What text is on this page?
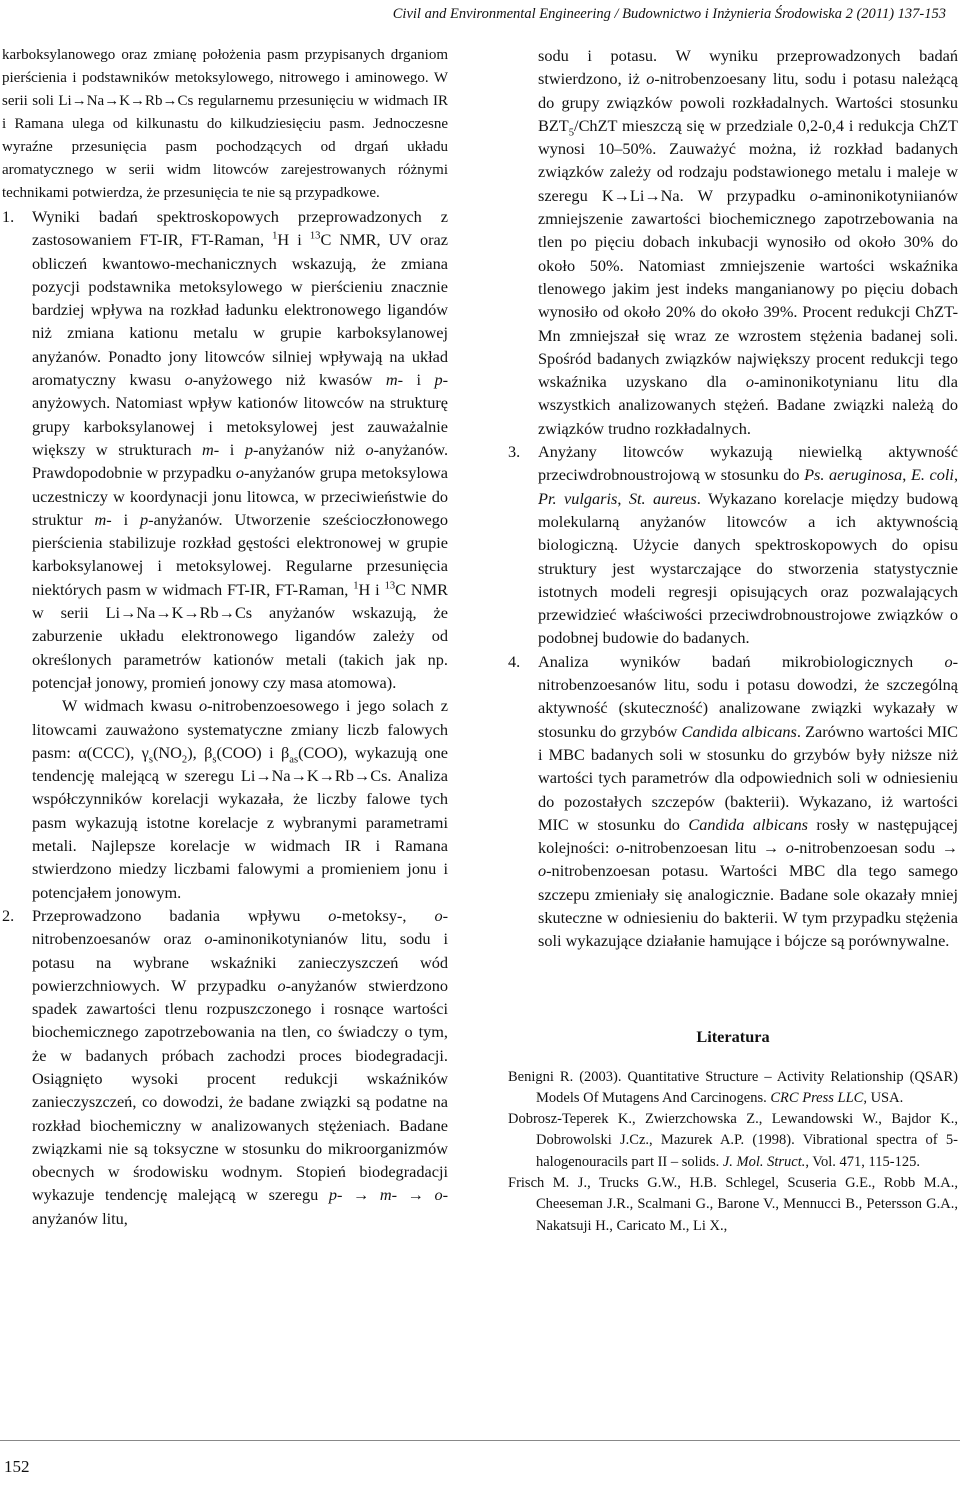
Civil and Environmental Engineering / Budownictwo i Inżynieria Środowiska 2 (2011) 137-153

karboksylanowego oraz zmianę położenia pasm przypisanych drganiom pierścienia i podstawników metoksylowego, nitrowego i aminowego. W serii soli Li→Na→K→Rb→Cs regularnemu przesunięciu w widmach IR i Ramana ulega od kilkunastu do kilkudziesięciu pasm. Jednoczesne wyraźne przesunięcia pasm pochodzących od drgań układu aromatycznego w serii widm litowców zarejestrowanych różnymi technikami potwierdza, że przesunięcia te nie są przypadkowe.

1. Wyniki badań spektroskopowych przeprowadzonych z zastosowaniem FT-IR, FT-Raman, $^1$H i $^{13}$C NMR, UV oraz obliczeń kwantowo-mechanicznych wskazują, że zmiana pozycji podstawnika metoksylowego w pierścieniu znacznie bardziej wpływa na rozkład ładunku elektronowego ligandów niż zmiana kationu metalu w grupie karboksylanowej anyżanów. Ponadto jony litowców silniej wpływają na układ aromatyczny kwasu o-anyżowego niż kwasów m- i p-anyżowych. Natomiast wpływ kationów litowców na strukturę grupy karboksylanowej i metoksylowej jest zauważalnie większy w strukturach m- i p-anyżanów niż o-anyżanów. Prawdopodobnie w przypadku o-anyżanów grupa metoksylowa uczestniczy w koordynacji jonu litowca, w przeciwieństwie do struktur m- i p-anyżanów. Utworzenie sześcioczłonowego pierścienia stabilizuje rozkład gęstości elektronowej w grupie karboksylanowej i metoksylowej. Regularne przesunięcia niektórych pasm w widmach FT-IR, FT-Raman, $^1$H i $^{13}$C NMR w serii Li→Na→K→Rb→Cs anyżanów wskazują, że zaburzenie układu elektronowego ligandów zależy od określonych parametrów kationów metali (takich jak np. potencjał jonowy, promień jonowy czy masa atomowa).

W widmach kwasu o-nitrobenzoesowego i jego solach z litowcami zauważono systematyczne zmiany liczb falowych pasm: α(CCC), $\gamma_s(NO_2)$, $\beta_s(COO)$ i $\beta_{as}(COO)$, wykazują one tendencję malejącą w szeregu Li→Na→K→Rb→Cs. Analiza współczynników korelacji wykazała, że liczby falowe tych pasm wykazują istotne korelacje z wybranymi parametrami metali. Najlepsze korelacje w widmach IR i Ramana stwierdzono miedzy liczbami falowymi a promieniem jonu i potencjałem jonowym.

2. Przeprowadzono badania wpływu o-metoksy-, o-nitrobenzoesanów oraz o-aminonikotynianów litu, sodu i potasu na wybrane wskaźniki zanieczyszczeń wód powierzchniowych. W przypadku o-anyżanów stwierdzono spadek zawartości tlenu rozpuszczonego i rosnące wartości biochemicznego zapotrzebowania na tlen, co świadczy o tym, że w badanych próbach zachodzi proces biodegradacji. Osiągnięto wysoki procent redukcji wskaźników zanieczyszczeń, co dowodzi, że badane związki są podatne na rozkład biochemiczny w analizowanych stężeniach. Badane związkami nie są toksyczne w stosunku do mikroorganizmów obecnych w środowisku wodnym. Stopień biodegradacji wykazuje tendencję malejącą w szeregu p- → m- → o- anyżanów litu,

sodu i potasu. W wyniku przeprowadzonych badań stwierdzono, iż o-nitrobenzoesany litu, sodu i potasu należącą do grupy związków powoli rozkładalnych. Wartości stosunku $BZT_5$/ChZT mieszczą się w przedziale 0,2-0,4 i redukcja ChZT wynosi 10–50%. Zauważyć można, iż rozkład badanych związków zależy od rodzaju podstawionego metalu i maleje w szeregu K→Li→Na. W przypadku o-aminonikotyniianów zmniejszenie zawartości biochemicznego zapotrzebowania na tlen po pięciu dobach inkubacji wynosiło od około 30% do około 50%. Natomiast zmniejszenie wartości wskaźnika tlenowego jakim jest indeks manganianowy po pięciu dobach wynosiło od około 20% do około 39%. Procent redukcji ChZT-Mn zmniejszał się wraz ze wzrostem stężenia badanej soli. Spośród badanych związków największy procent redukcji tego wskaźnika uzyskano dla o-aminonikotynianu litu dla wszystkich analizowanych stężeń. Badane związki należą do związków trudno rozkładalnych.

3. Anyżany litowców wykazują niewielką aktywność przeciwdrobnoustrojową w stosunku do Ps. aeruginosa, E. coli, Pr. vulgaris, St. aureus. Wykazano korelacje między budową molekularną anyżanów litowców a ich aktywnością biologiczną. Użycie danych spektroskopowych do opisu struktury jest wystarczające do stworzenia statystycznie istotnych modeli regresji opisujących oraz pozwalających przewidzieć właściwości przeciwdrobnoustrojowe związków o podobnej budowie do badanych.

4. Analiza wyników badań mikrobiologicznych o-nitrobenzoesanów litu, sodu i potasu dowodzi, że szczególną aktywność (skuteczność) analizowane związki wykazały w stosunku do grzybów Candida albicans. Zarówno wartości MIC i MBC badanych soli w stosunku do grzybów były niższe niż wartości tych parametrów dla odpowiednich soli w odniesieniu do pozostałych szczepów (bakterii). Wykazano, iż wartości MIC w stosunku do Candida albicans rosły w następującej kolejności: o-nitrobenzoesan litu → o-nitrobenzoesan sodu → o-nitrobenzoesan potasu. Wartości MBC dla tego samego szczepu zmieniały się analogicznie. Badane sole okazały mniej skuteczne w odniesieniu do bakterii. W tym przypadku stężenia soli wykazujące działanie hamujące i bójcze są porównywalne.

Literatura

Benigni R. (2003). Quantitative Structure – Activity Relationship (QSAR) Models Of Mutagens And Carcinogens. CRC Press LLC, USA.

Dobrosz-Teperek K., Zwierzchowska Z., Lewandowski W., Bajdor K., Dobrowolski J.Cz., Mazurek A.P. (1998). Vibrational spectra of 5-halogenouracils part II – solids. J. Mol. Struct., Vol. 471, 115-125.

Frisch M. J., Trucks G.W., H.B. Schlegel, Scuseria G.E., Robb M.A., Cheeseman J.R., Scalmani G., Barone V., Mennucci B., Petersson G.A., Nakatsuji H., Caricato M., Li X.,

152
